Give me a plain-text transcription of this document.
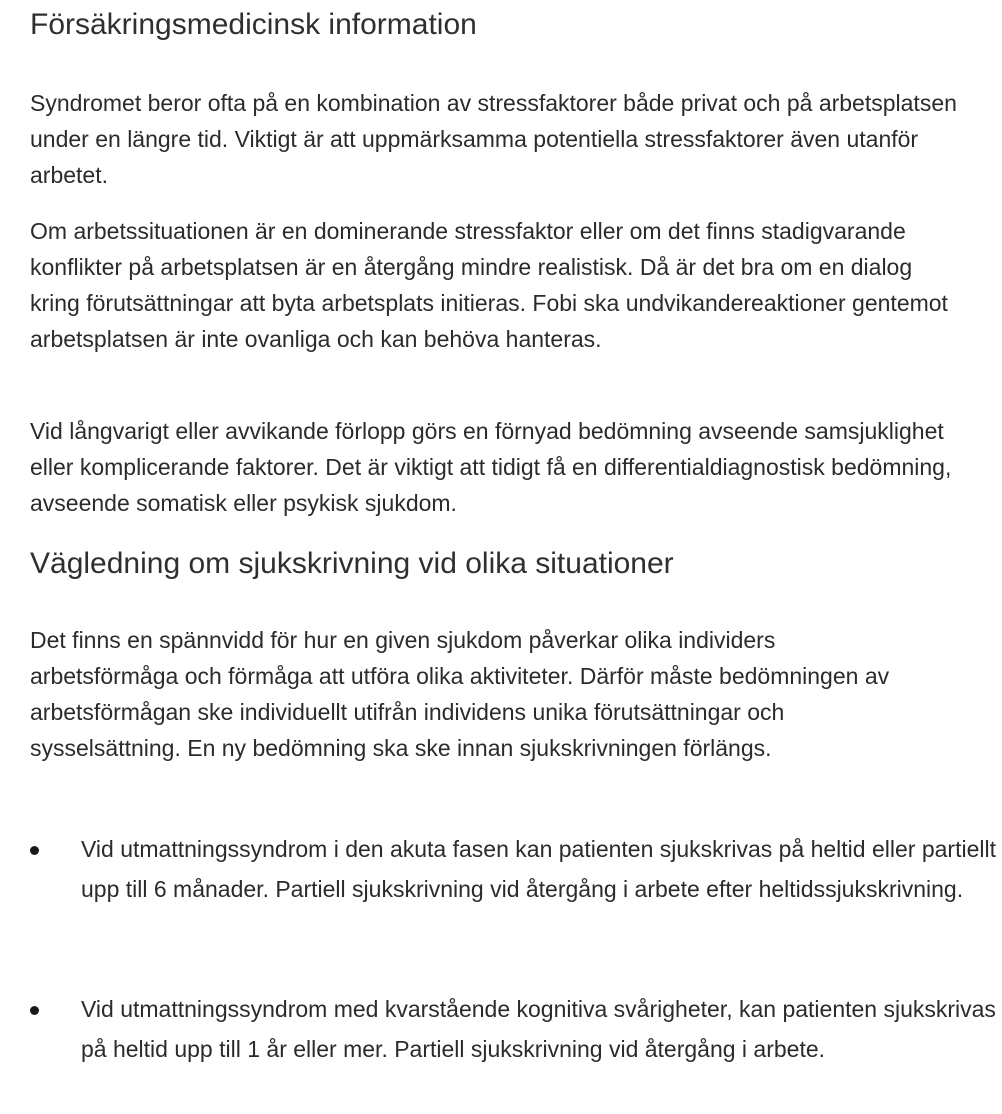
Försäkringsmedicinsk information

Syndromet beror ofta på en kombination av stressfaktorer både privat och på arbetsplatsen under en längre tid. Viktigt är att uppmärksamma potentiella stressfaktorer även utanför arbetet.

Om arbetssituationen är en dominerande stressfaktor eller om det finns stadigvarande konflikter på arbetsplatsen är en återgång mindre realistisk. Då är det bra om en dialog kring förutsättningar att byta arbetsplats initieras. Fobi ska undvikandereaktioner gentemot arbetsplatsen är inte ovanliga och kan behöva hanteras.

Vid långvarigt eller avvikande förlopp görs en förnyad bedömning avseende samsjuklighet eller komplicerande faktorer. Det är viktigt att tidigt få en differentialdiagnostisk bedömning, avseende somatisk eller psykisk sjukdom.

Vägledning om sjukskrivning vid olika situationer

Det finns en spännvidd för hur en given sjukdom påverkar olika individers arbetsförmåga och förmåga att utföra olika aktiviteter. Därför måste bedömningen av arbetsförmågan ske individuellt utifrån individens unika förutsättningar och sysselsättning. En ny bedömning ska ske innan sjukskrivningen förlängs.

Vid utmattningssyndrom i den akuta fasen kan patienten sjukskrivas på heltid eller partiellt upp till 6 månader. Partiell sjukskrivning vid återgång i arbete efter heltidssjukskrivning.
Vid utmattningssyndrom med kvarstående kognitiva svårigheter, kan patienten sjukskrivas på heltid upp till 1 år eller mer. Partiell sjukskrivning vid återgång i arbete.
